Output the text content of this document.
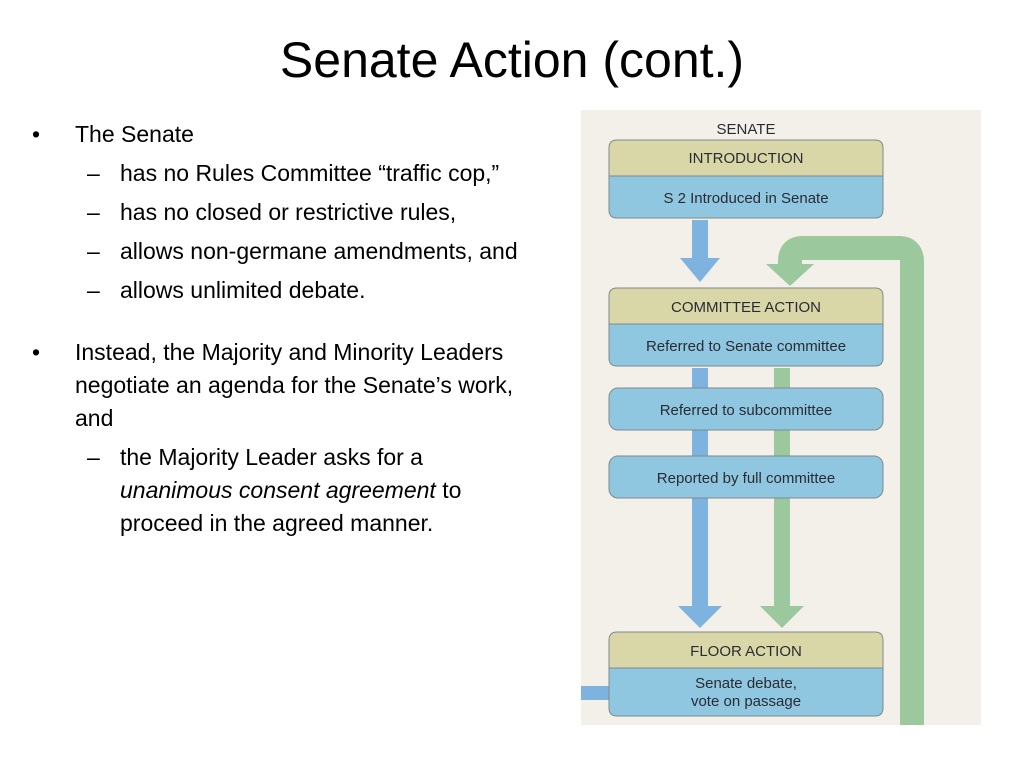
Senate Action (cont.)

• The Senate

– has no Rules Committee “traffic cop,”

– has no closed or restrictive rules,

– allows non-germane amendments, and

– allows unlimited debate.

• Instead, the Majority and Minority Leaders negotiate an agenda for the Senate’s work, and

– the Majority Leader asks for a unanimous consent agreement to proceed in the agreed manner.

SENATE
INTRODUCTION
S 2 Introduced in Senate
COMMITTEE ACTION
Referred to Senate committee
Referred to subcommittee
Reported by full committee
FLOOR ACTION
Senate debate,
vote on passage
